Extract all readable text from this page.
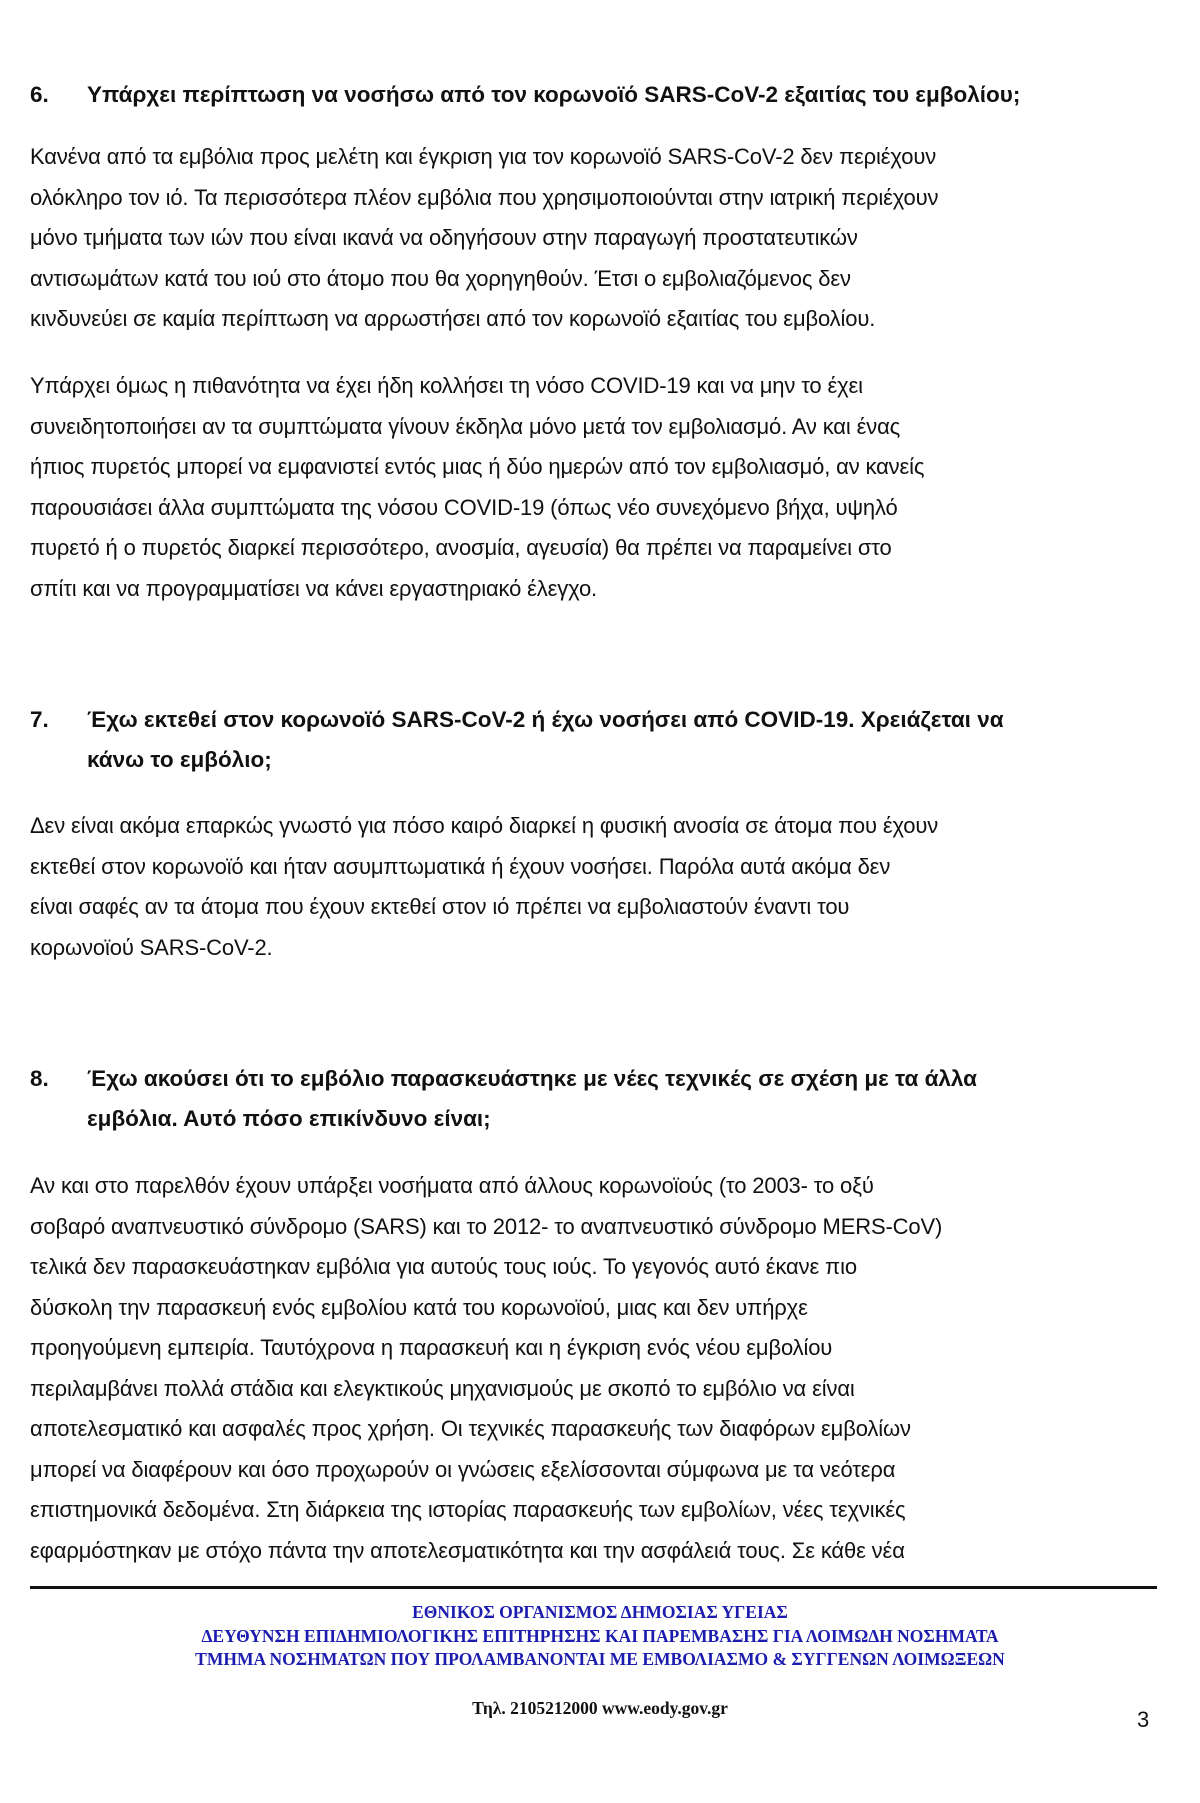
6. Υπάρχει περίπτωση να νοσήσω από τον κορωνοϊό SARS-CoV-2 εξαιτίας του εμβολίου;
Κανένα από τα εμβόλια προς μελέτη και έγκριση για τον κορωνοϊό SARS-CoV-2 δεν περιέχουν
ολόκληρο τον ιό. Τα περισσότερα πλέον εμβόλια που χρησιμοποιούνται στην ιατρική περιέχουν
μόνο τμήματα των ιών που είναι ικανά να οδηγήσουν στην παραγωγή προστατευτικών
αντισωμάτων κατά του ιού στο άτομο που θα χορηγηθούν. Έτσι ο εμβολιαζόμενος δεν
κινδυνεύει σε καμία περίπτωση να αρρωστήσει από τον κορωνοϊό εξαιτίας του εμβολίου.
Υπάρχει όμως η πιθανότητα να έχει ήδη κολλήσει τη νόσο COVID-19 και να μην το έχει
συνειδητοποιήσει αν τα συμπτώματα γίνουν έκδηλα μόνο μετά τον εμβολιασμό. Αν και ένας
ήπιος πυρετός μπορεί να εμφανιστεί εντός μιας ή δύο ημερών από τον εμβολιασμό, αν κανείς
παρουσιάσει άλλα συμπτώματα της νόσου COVID-19 (όπως νέο συνεχόμενο βήχα, υψηλό
πυρετό ή ο πυρετός διαρκεί περισσότερο, ανοσμία, αγευσία) θα πρέπει να παραμείνει στο
σπίτι και να προγραμματίσει να κάνει εργαστηριακό έλεγχο.
7. Έχω εκτεθεί στον κορωνοϊό SARS-CoV-2 ή έχω νοσήσει από COVID-19. Χρειάζεται να
κάνω το εμβόλιο;
Δεν είναι ακόμα επαρκώς γνωστό για πόσο καιρό διαρκεί η φυσική ανοσία σε άτομα που έχουν
εκτεθεί στον κορωνοϊό και ήταν ασυμπτωματικά ή έχουν νοσήσει. Παρόλα αυτά ακόμα δεν
είναι σαφές αν τα άτομα που έχουν εκτεθεί στον ιό πρέπει να εμβολιαστούν έναντι του
κορωνοϊού SARS-CoV-2.
8. Έχω ακούσει ότι το εμβόλιο παρασκευάστηκε με νέες τεχνικές σε σχέση με τα άλλα
εμβόλια. Αυτό πόσο επικίνδυνο είναι;
Αν και στο παρελθόν έχουν υπάρξει νοσήματα από άλλους κορωνοϊούς (το 2003- το οξύ
σοβαρό αναπνευστικό σύνδρομο (SARS) και το 2012- το αναπνευστικό σύνδρομο MERS-CoV)
τελικά δεν παρασκευάστηκαν εμβόλια για αυτούς τους ιούς. Το γεγονός αυτό έκανε πιο
δύσκολη την παρασκευή ενός εμβολίου κατά του κορωνοϊού, μιας και δεν υπήρχε
προηγούμενη εμπειρία. Ταυτόχρονα η παρασκευή και η έγκριση ενός νέου εμβολίου
περιλαμβάνει πολλά στάδια και ελεγκτικούς μηχανισμούς με σκοπό το εμβόλιο να είναι
αποτελεσματικό και ασφαλές προς χρήση. Οι τεχνικές παρασκευής των διαφόρων εμβολίων
μπορεί να διαφέρουν και όσο προχωρούν οι γνώσεις εξελίσσονται σύμφωνα με τα νεότερα
επιστημονικά δεδομένα. Στη διάρκεια της ιστορίας παρασκευής των εμβολίων, νέες τεχνικές
εφαρμόστηκαν με στόχο πάντα την αποτελεσματικότητα και την ασφάλειά τους. Σε κάθε νέα
ΕΘΝΙΚΟΣ ΟΡΓΑΝΙΣΜΟΣ ΔΗΜΟΣΙΑΣ ΥΓΕΙΑΣ
ΔΕΥΘΥΝΣΗ ΕΠΙΔΗΜΙΟΛΟΓΙΚΗΣ ΕΠΙΤΗΡΗΣΗΣ ΚΑΙ ΠΑΡΕΜΒΑΣΗΣ ΓΙΑ ΛΟΙΜΩΔΗ ΝΟΣΗΜΑΤΑ
ΤΜΗΜΑ ΝΟΣΗΜΑΤΩΝ ΠΟΥ ΠΡΟΛΑΜΒΑΝΟΝΤΑΙ ΜΕ ΕΜΒΟΛΙΑΣΜΟ & ΣΥΓΓΕΝΩΝ ΛΟΙΜΩΞΕΩΝ
Τηλ. 2105212000 www.eody.gov.gr	3
